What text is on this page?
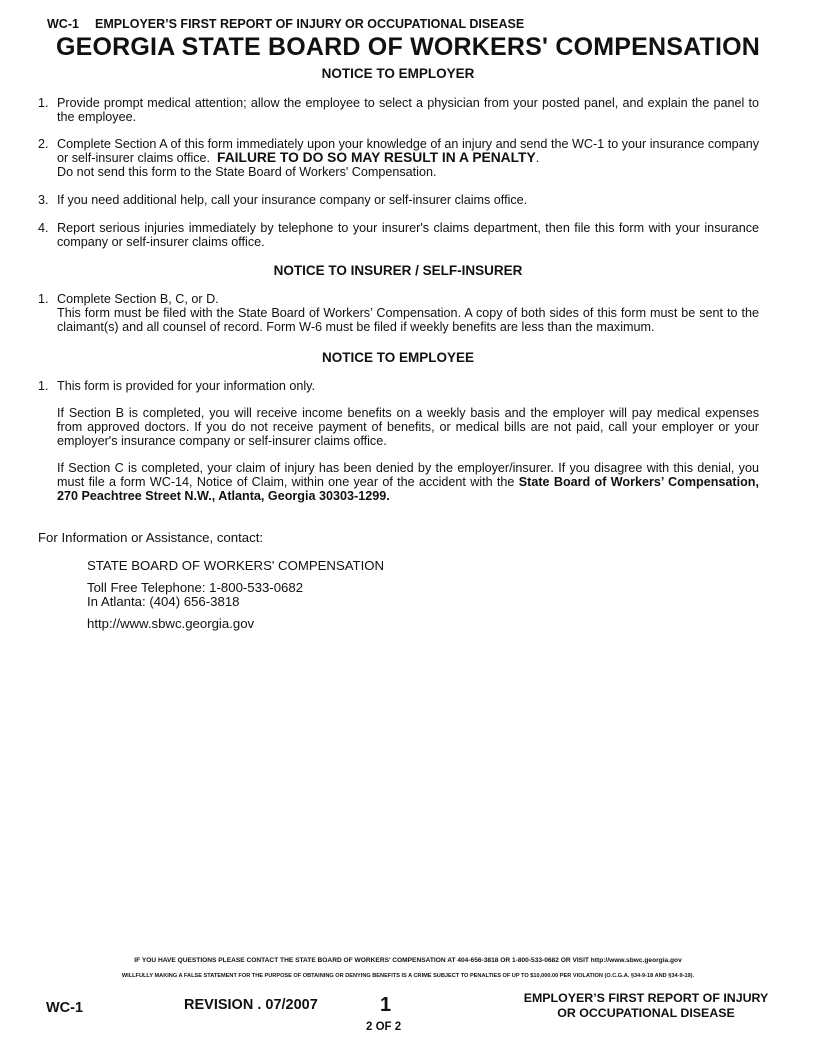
WC-1 EMPLOYER’S FIRST REPORT OF INJURY OR OCCUPATIONAL DISEASE
GEORGIA STATE BOARD OF WORKERS' COMPENSATION
NOTICE TO EMPLOYER
1. Provide prompt medical attention; allow the employee to select a physician from your posted panel, and explain the panel to the employee.
2. Complete Section A of this form immediately upon your knowledge of an injury and send the WC-1 to your insurance company or self-insurer claims office. FAILURE TO DO SO MAY RESULT IN A PENALTY.
Do not send this form to the State Board of Workers' Compensation.
3. If you need additional help, call your insurance company or self-insurer claims office.
4. Report serious injuries immediately by telephone to your insurer's claims department, then file this form with your insurance company or self-insurer claims office.
NOTICE TO INSURER / SELF-INSURER
1. Complete Section B, C, or D.
This form must be filed with the State Board of Workers’ Compensation. A copy of both sides of this form must be sent to the claimant(s) and all counsel of record. Form W-6 must be filed if weekly benefits are less than the maximum.
NOTICE TO EMPLOYEE
1. This form is provided for your information only.
If Section B is completed, you will receive income benefits on a weekly basis and the employer will pay medical expenses from approved doctors. If you do not receive payment of benefits, or medical bills are not paid, call your employer or your employer's insurance company or self-insurer claims office.
If Section C is completed, your claim of injury has been denied by the employer/insurer. If you disagree with this denial, you must file a form WC-14, Notice of Claim, within one year of the accident with the State Board of Workers’ Compensation, 270 Peachtree Street N.W., Atlanta, Georgia 30303-1299.
For Information or Assistance, contact:
STATE BOARD OF WORKERS' COMPENSATION
Toll Free Telephone: 1-800-533-0682
In Atlanta: (404) 656-3818
http://www.sbwc.georgia.gov
IF YOU HAVE QUESTIONS PLEASE CONTACT THE STATE BOARD OF WORKERS’ COMPENSATION AT 404-656-3818 OR 1-800-533-0682 OR VISIT http://www.sbwc.georgia.gov
WILLFULLY MAKING A FALSE STATEMENT FOR THE PURPOSE OF OBTAINING OR DENYING BENEFITS IS A CRIME SUBJECT TO PENALTIES OF UP TO $10,000.00 PER VIOLATION (O.C.G.A. §34-9-18 AND §34-9-19).
WC-1	REVISION . 07/2007	1
2 OF 2
EMPLOYER’S FIRST REPORT OF INJURY
OR OCCUPATIONAL DISEASE
